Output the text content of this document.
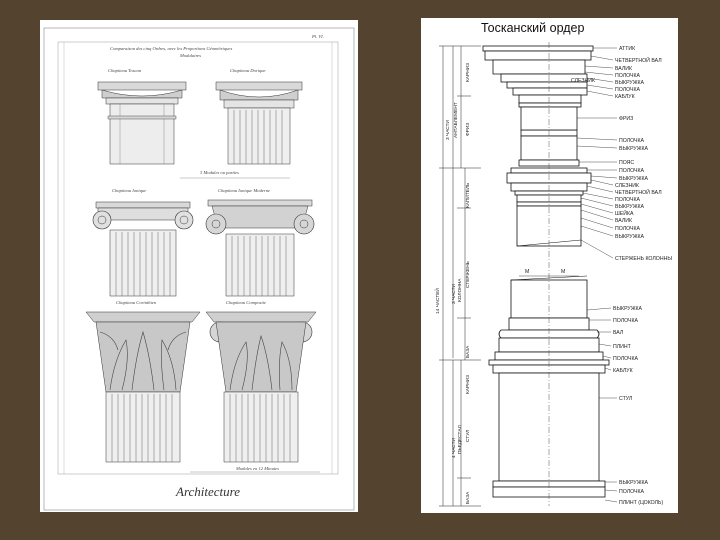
Pl. VI.
Comparaison des cinq Ordres, avec les Proportions Géométriques
Modulaires
Chapiteau Toscan	Chapiteau Dorique
3 Modules ou parties
Chapiteau Ionique	Chapiteau Ionique Moderne
Chapiteau Corinthien	Chapiteau Composite
Modules en 12 Minutes
Architecture
Тосканский ордер
М	М
СЛЕЗНИК
КАРНИЗ
ФРИЗ
АНТАБЛЕМЕНТ
3 ЧАСТИ
КАПИТЕЛЬ
СТЕРЖЕНЬ
КОЛОННА
3 ЧАСТИ
14 ЧАСТЕЙ
БАЗА
КАРНИЗ
СТУЛ
ПЬЕДЕСТАЛ
4 ЧАСТИ
БАЗА
АТТИК
ЧЕТВЕРТНОЙ ВАЛ
ВАЛИК
ПОЛОЧКА
ВЫКРУЖКА
ПОЛОЧКА
КАБЛУК
ФРИЗ
ПОЛОЧКА
ВЫКРУЖКА
ПОЯС
ПОЛОЧКА
ВЫКРУЖКА
СЛЕЗНИК
ЧЕТВЕРТНОЙ ВАЛ
ПОЛОЧКА
ВЫКРУЖКА
ШЕЙКА
ВАЛИК
ПОЛОЧКА
ВЫКРУЖКА
СТЕРЖЕНЬ КОЛОННЫ
ВЫКРУЖКА
ПОЛОЧКА
ВАЛ
ПЛИНТ
ПОЛОЧКА
КАБЛУК
СТУЛ
ВЫКРУЖКА
ПОЛОЧКА
ПЛИНТ (ЦОКОЛЬ)
